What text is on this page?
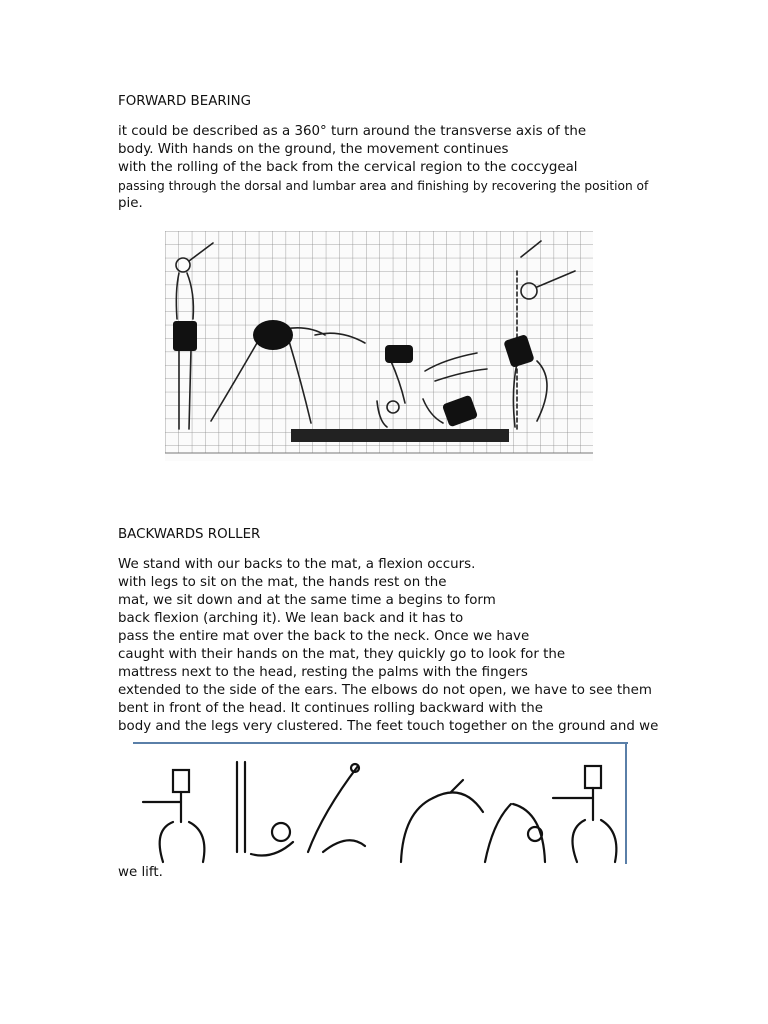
FORWARD BEARING
it could be described as a 360° turn around the transverse axis of the
body. With hands on the ground, the movement continues
with the rolling of the back from the cervical region to the coccygeal
passing through the dorsal and lumbar area and finishing by recovering the position of
pie.
BACKWARDS ROLLER
We stand with our backs to the mat, a flexion occurs.
with legs to sit on the mat, the hands rest on the
mat, we sit down and at the same time a begins to form
back flexion (arching it). We lean back and it has to
pass the entire mat over the back to the neck. Once we have
caught with their hands on the mat, they quickly go to look for the
mattress next to the head, resting the palms with the fingers
extended to the side of the ears. The elbows do not open, we have to see them
bent in front of the head. It continues rolling backward with the
body and the legs very clustered. The feet touch together on the ground and we
we lift.
